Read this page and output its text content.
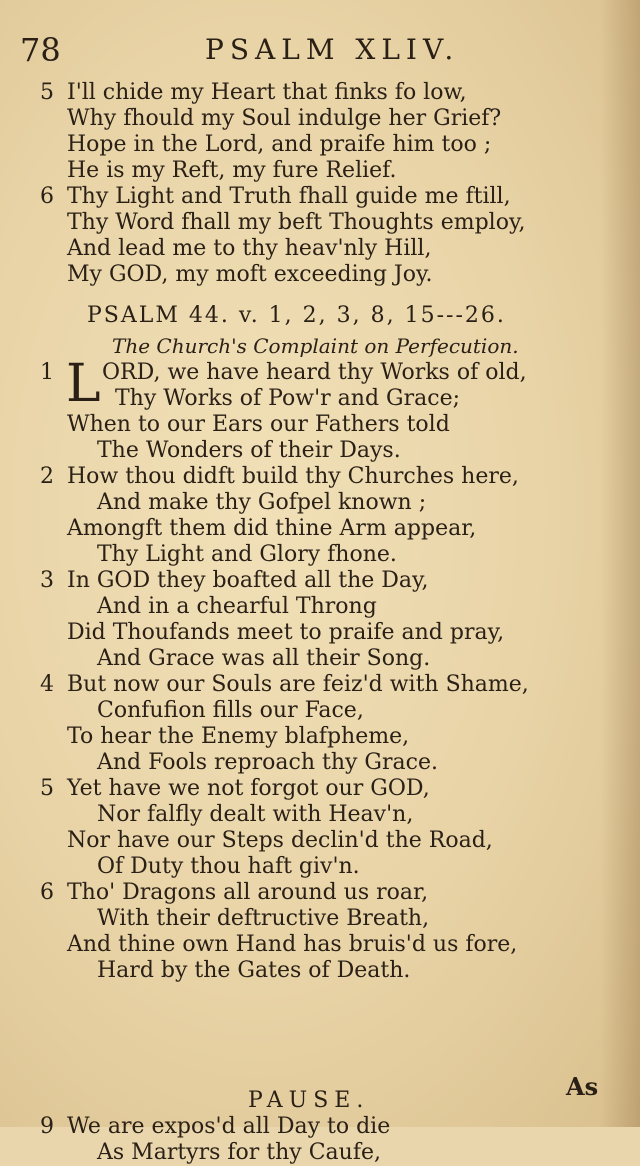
78	PSALM XLIV.
5 I'll chide my Heart that finks fo low,
Why fhould my Soul indulge her Grief?
Hope in the Lord, and praife him too ;
He is my Reft, my fure Relief.
6 Thy Light and Truth fhall guide me ftill,
Thy Word fhall my beft Thoughts employ,
And lead me to thy heav'nly Hill,
My GOD, my moft exceeding Joy.
PSALM 44. v. 1, 2, 3, 8, 15---26.
The Church's Complaint on Perfecution.
1 L ORD, we have heard thy Works of old,
Thy Works of Pow'r and Grace;
When to our Ears our Fathers told
The Wonders of their Days.
2 How thou didft build thy Churches here,
And make thy Gofpel known ;
Amongft them did thine Arm appear,
Thy Light and Glory fhone.
3 In GOD they boafted all the Day,
And in a chearful Throng
Did Thoufands meet to praife and pray,
And Grace was all their Song.
4 But now our Souls are feiz'd with Shame,
Confufion fills our Face,
To hear the Enemy blafpheme,
And Fools reproach thy Grace.
5 Yet have we not forgot our GOD,
Nor falfly dealt with Heav'n,
Nor have our Steps declin'd the Road,
Of Duty thou haft giv'n.
6 Tho' Dragons all around us roar,
With their deftructive Breath,
And thine own Hand has bruis'd us fore,
Hard by the Gates of Death.
PAUSE.
9 We are expos'd all Day to die
As Martyrs for thy Caufe,
As
